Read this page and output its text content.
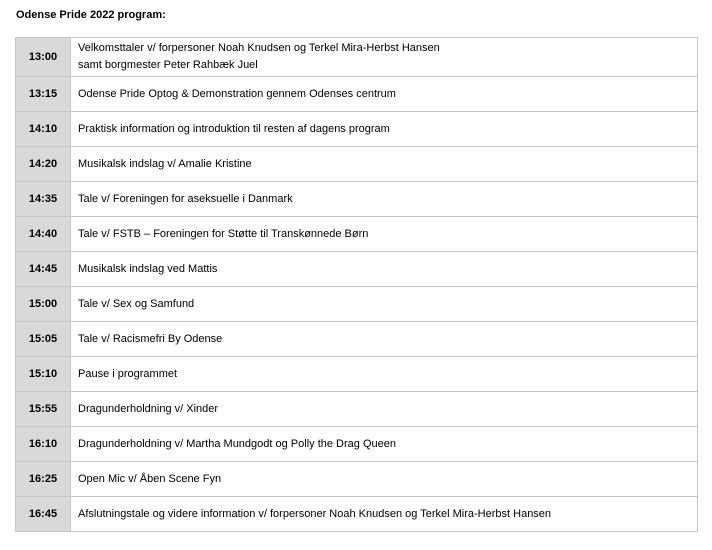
Odense Pride 2022 program:
13:00	Velkomsttaler v/ forpersoner Noah Knudsen og Terkel Mira-Herbst Hansen
samt borgmester Peter Rahbæk Juel
13:15	Odense Pride Optog & Demonstration gennem Odenses centrum
14:10	Praktisk information og introduktion til resten af dagens program
14:20	Musikalsk indslag v/ Amalie Kristine
14:35	Tale v/ Foreningen for aseksuelle i Danmark
14:40	Tale v/ FSTB – Foreningen for Støtte til Transkønnede Børn
14:45	Musikalsk indslag ved Mattis
15:00	Tale v/ Sex og Samfund
15:05	Tale v/ Racismefri By Odense
15:10	Pause i programmet
15:55	Dragunderholdning v/ Xinder
16:10	Dragunderholdning v/ Martha Mundgodt og Polly the Drag Queen
16:25	Open Mic v/ Åben Scene Fyn
16:45	Afslutningstale og videre information v/ forpersoner Noah Knudsen og Terkel Mira-Herbst Hansen
